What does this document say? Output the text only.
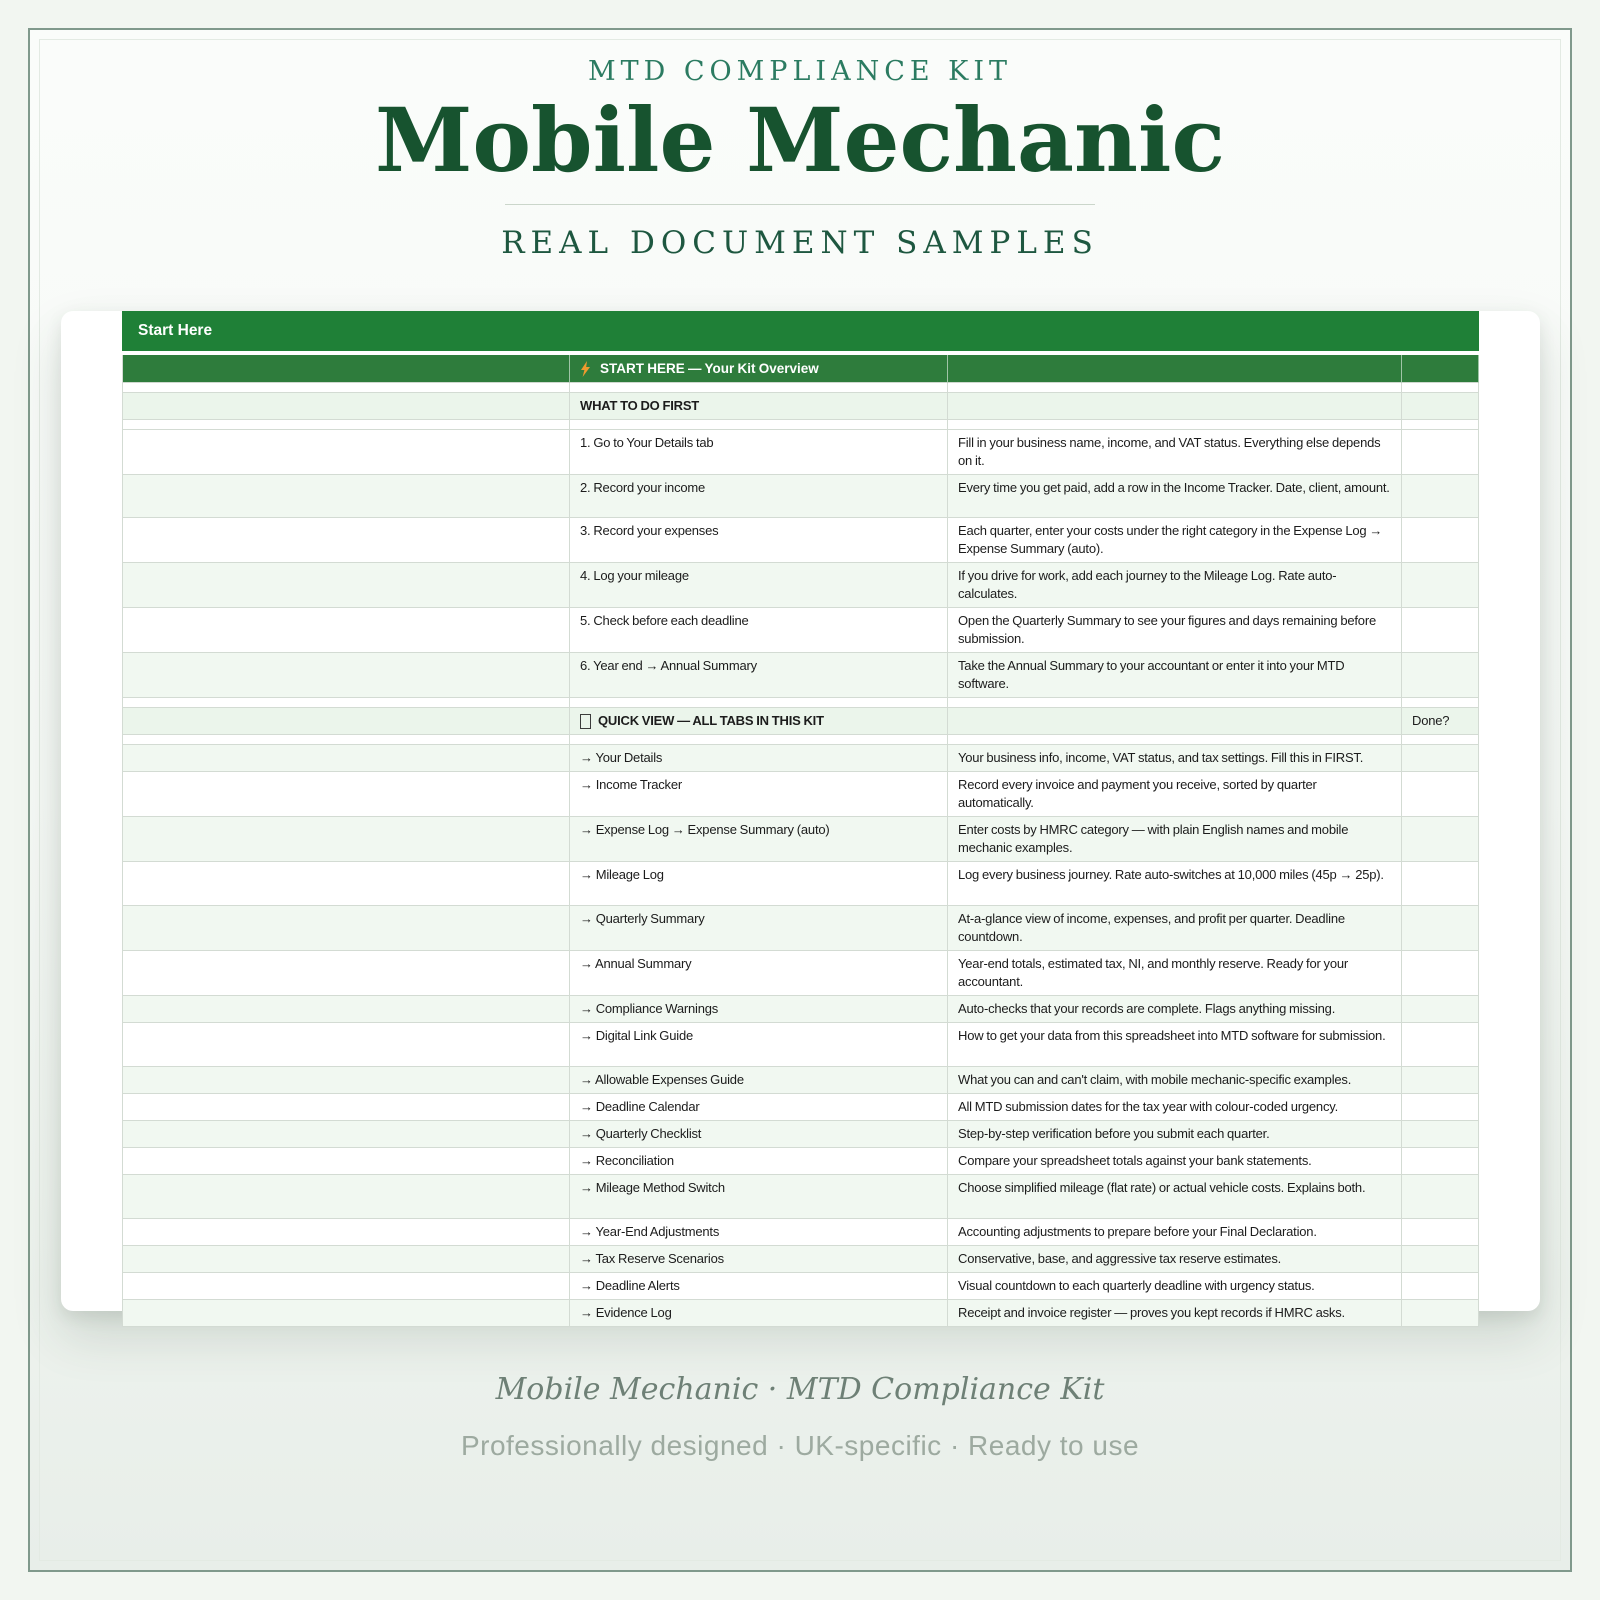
MTD COMPLIANCE KIT
Mobile Mechanic
REAL DOCUMENT SAMPLES
Start Here
START HERE — Your Kit Overview
WHAT TO DO FIRST
1. Go to Your Details tab	Fill in your business name, income, and VAT status. Everything else depends on it.
2. Record your income	Every time you get paid, add a row in the Income Tracker. Date, client, amount.
3. Record your expenses	Each quarter, enter your costs under the right category in the Expense Log → Expense Summary (auto).
4. Log your mileage	If you drive for work, add each journey to the Mileage Log. Rate auto-calculates.
5. Check before each deadline	Open the Quarterly Summary to see your figures and days remaining before submission.
6. Year end → Annual Summary	Take the Annual Summary to your accountant or enter it into your MTD software.
QUICK VIEW — ALL TABS IN THIS KIT	Done?
→ Your Details	Your business info, income, VAT status, and tax settings. Fill this in FIRST.
→ Income Tracker	Record every invoice and payment you receive, sorted by quarter automatically.
→ Expense Log → Expense Summary (auto)	Enter costs by HMRC category — with plain English names and mobile mechanic examples.
→ Mileage Log	Log every business journey. Rate auto-switches at 10,000 miles (45p → 25p).
→ Quarterly Summary	At-a-glance view of income, expenses, and profit per quarter. Deadline countdown.
→ Annual Summary	Year-end totals, estimated tax, NI, and monthly reserve. Ready for your accountant.
→ Compliance Warnings	Auto-checks that your records are complete. Flags anything missing.
→ Digital Link Guide	How to get your data from this spreadsheet into MTD software for submission.
→ Allowable Expenses Guide	What you can and can't claim, with mobile mechanic-specific examples.
→ Deadline Calendar	All MTD submission dates for the tax year with colour-coded urgency.
→ Quarterly Checklist	Step-by-step verification before you submit each quarter.
→ Reconciliation	Compare your spreadsheet totals against your bank statements.
→ Mileage Method Switch	Choose simplified mileage (flat rate) or actual vehicle costs. Explains both.
→ Year-End Adjustments	Accounting adjustments to prepare before your Final Declaration.
→ Tax Reserve Scenarios	Conservative, base, and aggressive tax reserve estimates.
→ Deadline Alerts	Visual countdown to each quarterly deadline with urgency status.
→ Evidence Log	Receipt and invoice register — proves you kept records if HMRC asks.
Mobile Mechanic · MTD Compliance Kit
Professionally designed · UK-specific · Ready to use
